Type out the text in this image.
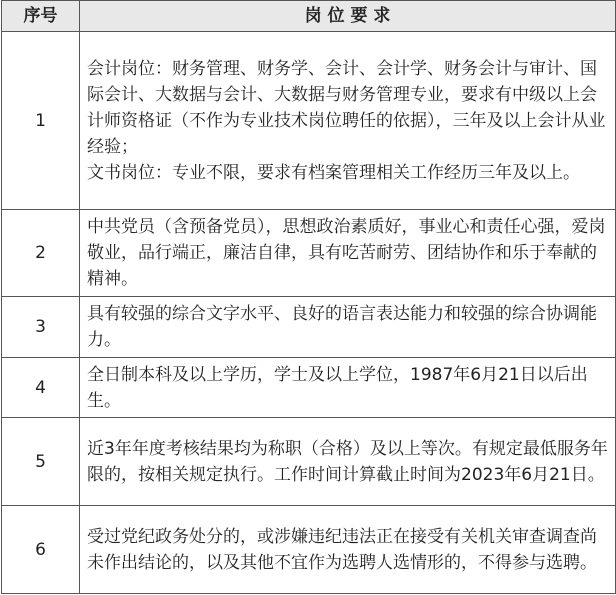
序号	岗 位 要 求
1	会计岗位：财务管理、财务学、会计、会计学、财务会计与审计、国际会计、大数据与会计、大数据与财务管理专业，要求有中级以上会计师资格证（不作为专业技术岗位聘任的依据），三年及以上会计从业经验；
文书岗位：专业不限，要求有档案管理相关工作经历三年及以上。

2	中共党员（含预备党员），思想政治素质好，事业心和责任心强，爱岗敬业，品行端正，廉洁自律，具有吃苦耐劳、团结协作和乐于奉献的精神。

3	具有较强的综合文字水平、良好的语言表达能力和较强的综合协调能力。

4	全日制本科及以上学历，学士及以上学位，1987年6月21日以后出生。

5	近3年年度考核结果均为称职（合格）及以上等次。有规定最低服务年限的，按相关规定执行。工作时间计算截止时间为2023年6月21日。

6	受过党纪政务处分的，或涉嫌违纪违法正在接受有关机关审查调查尚未作出结论的，以及其他不宜作为选聘人选情形的，不得参与选聘。
